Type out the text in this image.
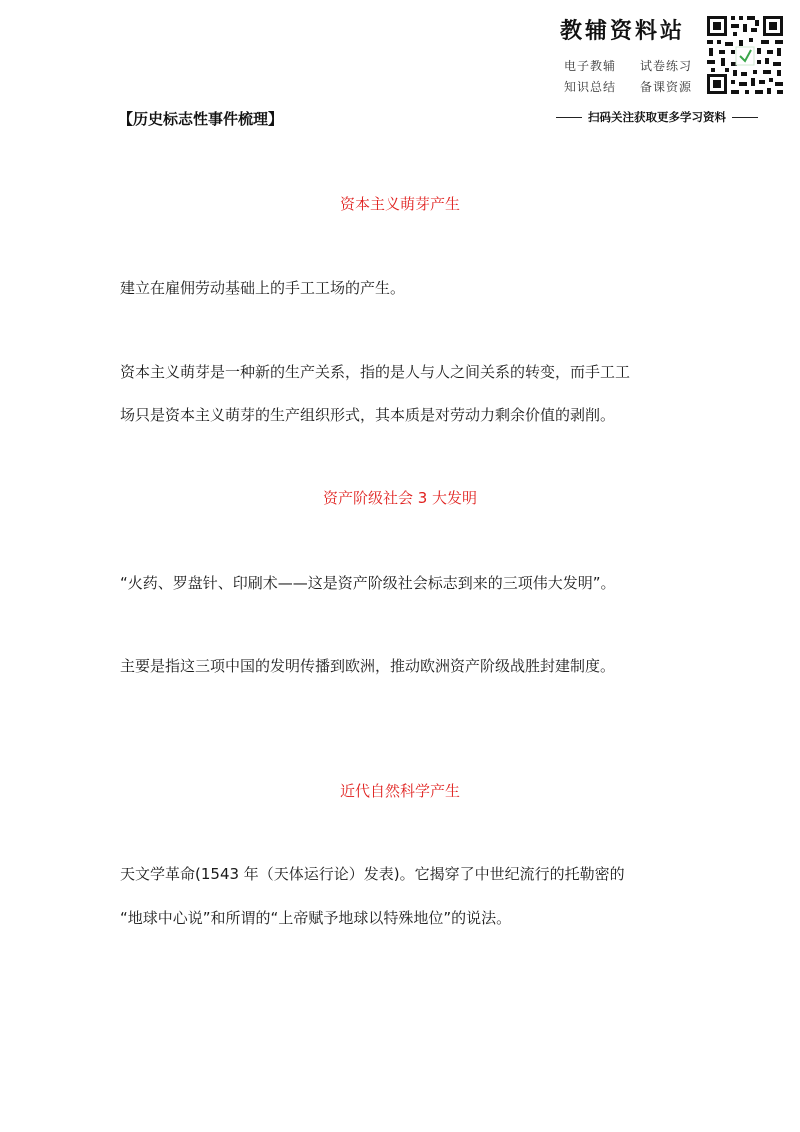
教辅资料站
电子教辅	试卷练习
知识总结	备课资源
扫码关注获取更多学习资料
【历史标志性事件梳理】
资本主义萌芽产生
建立在雇佣劳动基础上的手工工场的产生。
资本主义萌芽是一种新的生产关系，指的是人与人之间关系的转变，而手工工
场只是资本主义萌芽的生产组织形式，其本质是对劳动力剩余价值的剥削。
资产阶级社会 3 大发明
“火药、罗盘针、印刷术——这是资产阶级社会标志到来的三项伟大发明”。
主要是指这三项中国的发明传播到欧洲，推动欧洲资产阶级战胜封建制度。
近代自然科学产生
天文学革命(1543 年（天体运行论）发表)。它揭穿了中世纪流行的托勒密的
“地球中心说”和所谓的“上帝赋予地球以特殊地位”的说法。
